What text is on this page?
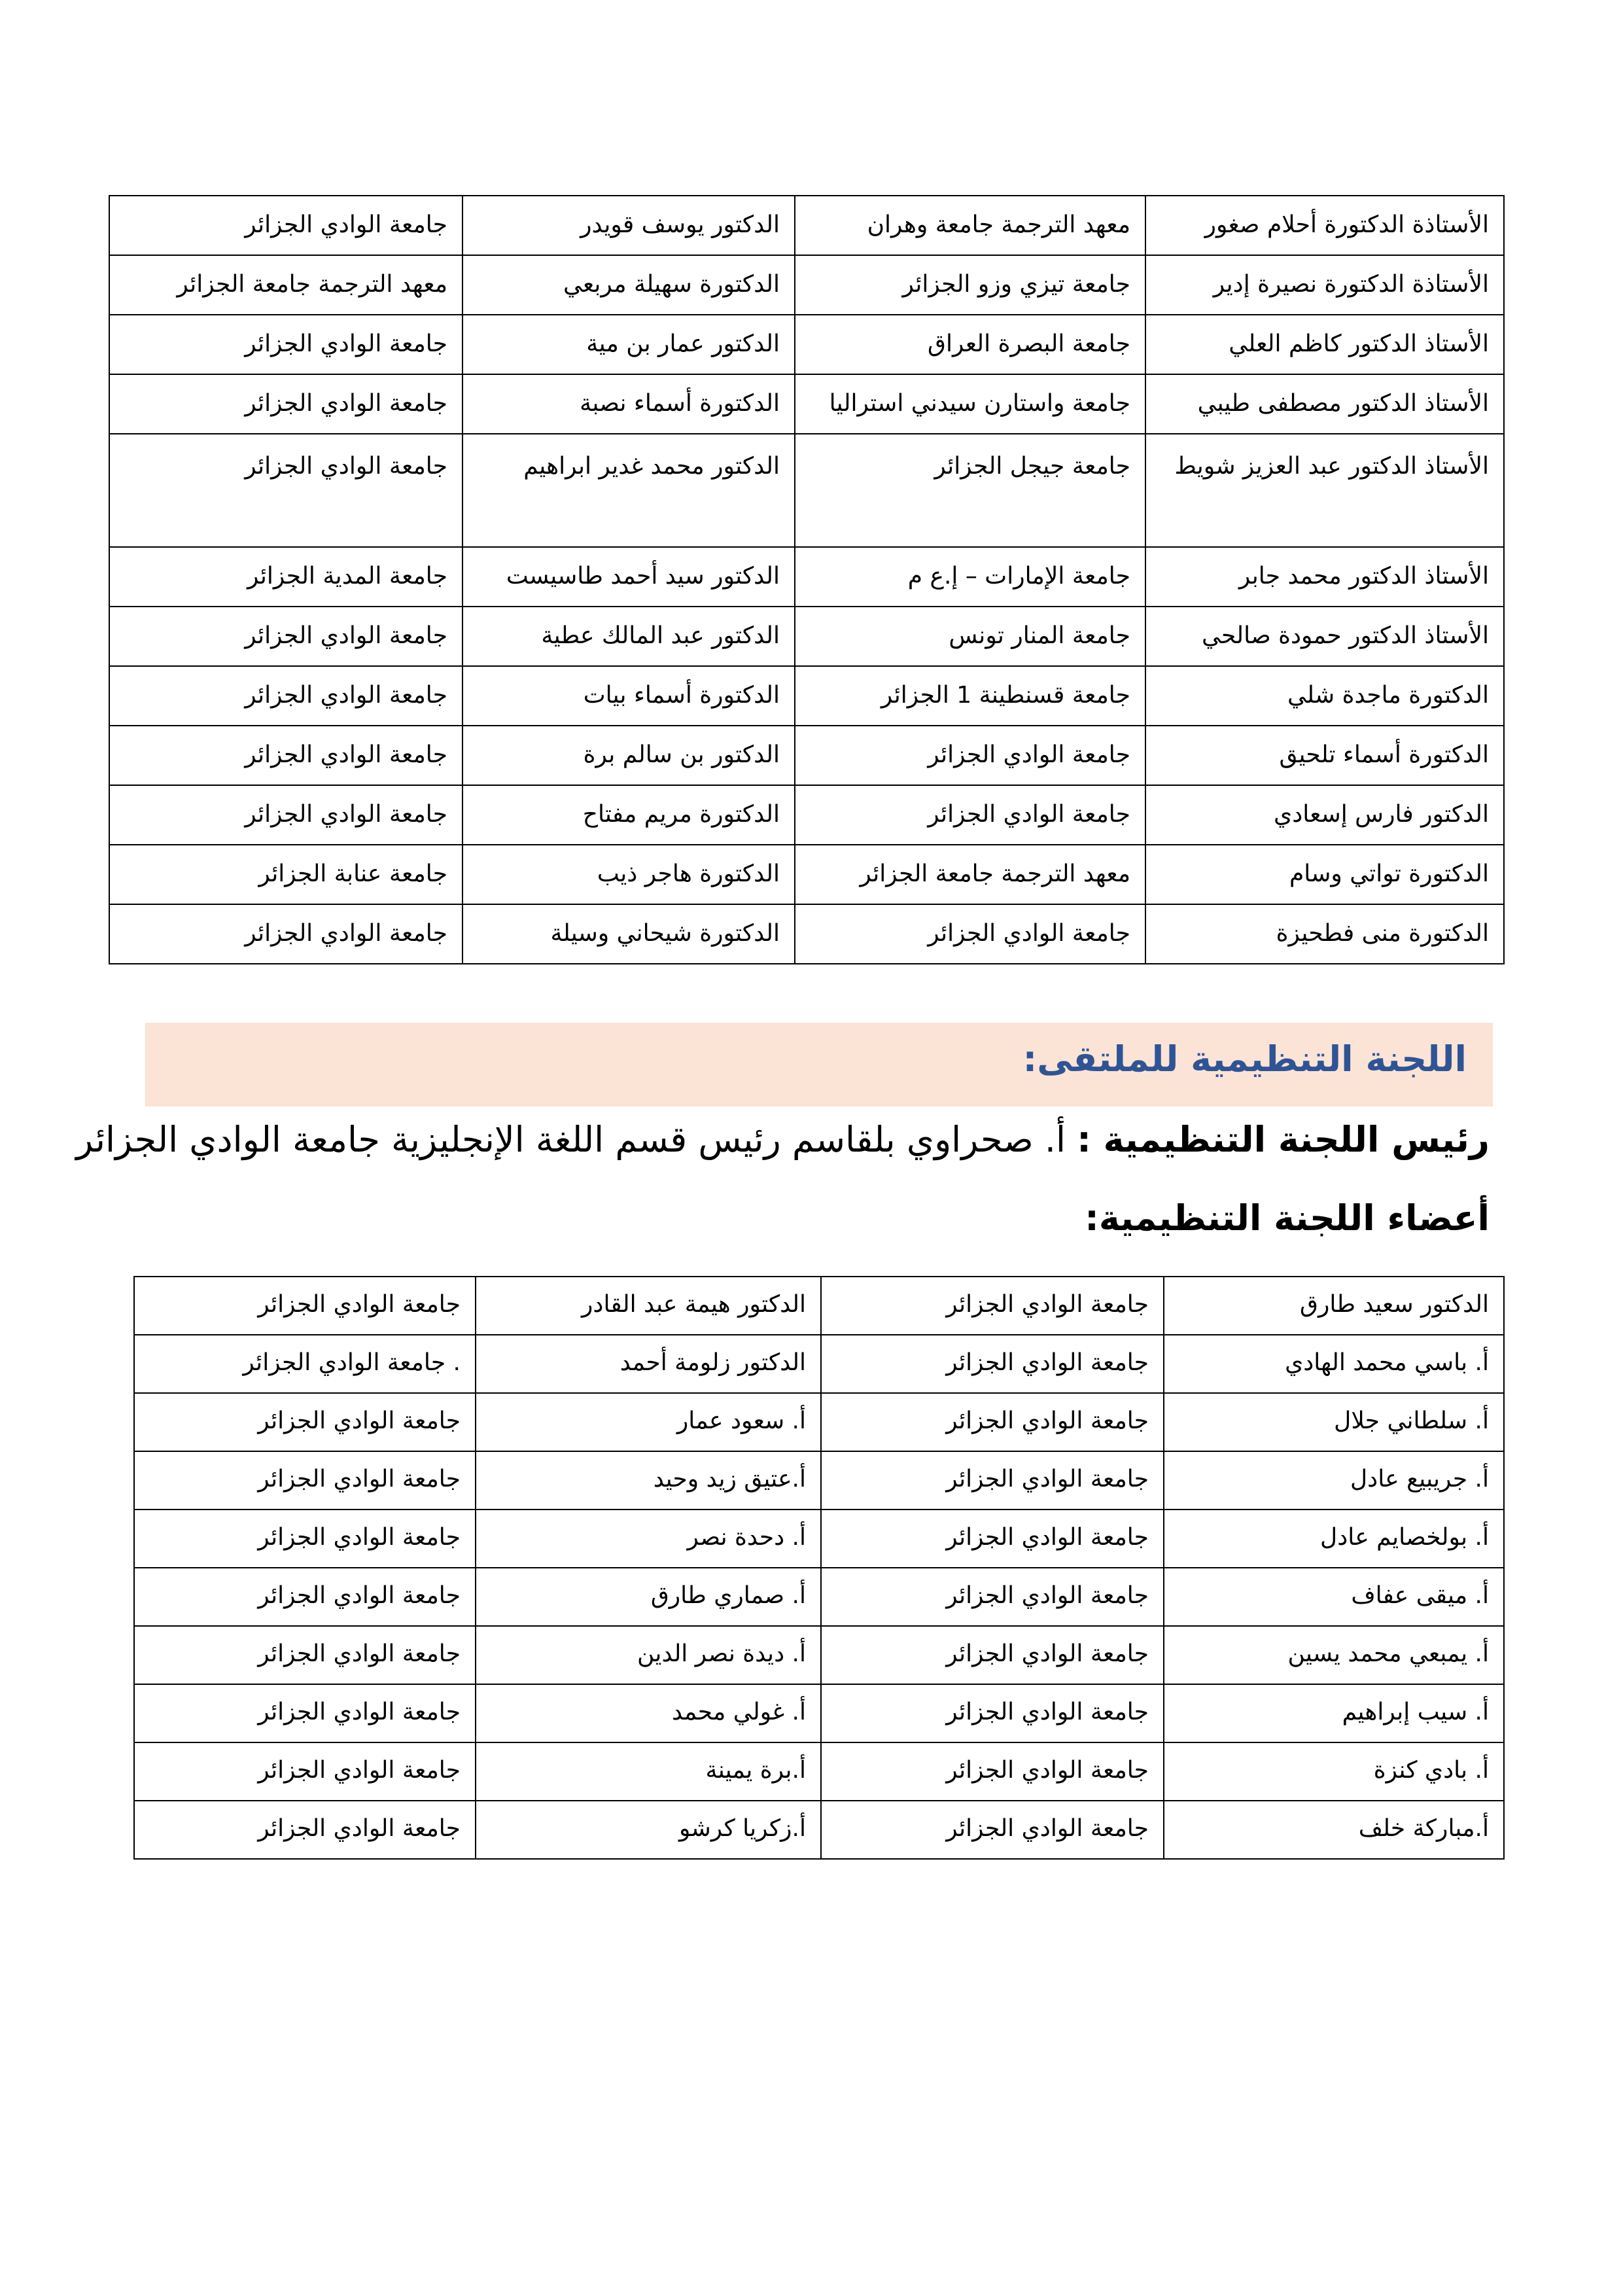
الأستاذة الدكتورة أحلام صغور	معهد الترجمة جامعة وهران	الدكتور يوسف قويدر	جامعة الوادي الجزائر
الأستاذة الدكتورة نصيرة إدير	جامعة تيزي وزو الجزائر	الدكتورة سهيلة مربعي	معهد الترجمة جامعة الجزائر
الأستاذ الدكتور كاظم العلي	جامعة البصرة العراق	الدكتور عمار بن مية	جامعة الوادي الجزائر
الأستاذ الدكتور مصطفى طيبي	جامعة واستارن سيدني استراليا	الدكتورة أسماء نصبة	جامعة الوادي الجزائر
الأستاذ الدكتور عبد العزيز شويط	جامعة جيجل الجزائر	الدكتور محمد غدير ابراهيم	جامعة الوادي الجزائر
الأستاذ الدكتور محمد جابر	جامعة الإمارات – إ.ع م	الدكتور سيد أحمد طاسيست	جامعة المدية الجزائر
الأستاذ الدكتور حمودة صالحي	جامعة المنار تونس	الدكتور عبد المالك عطية	جامعة الوادي الجزائر
الدكتورة ماجدة شلي	جامعة قسنطينة 1 الجزائر	الدكتورة أسماء بيات	جامعة الوادي الجزائر
الدكتورة أسماء تلحيق	جامعة الوادي الجزائر	الدكتور بن سالم برة	جامعة الوادي الجزائر
الدكتور فارس إسعادي	جامعة الوادي الجزائر	الدكتورة مريم مفتاح	جامعة الوادي الجزائر
الدكتورة تواتي وسام	معهد الترجمة جامعة الجزائر	الدكتورة هاجر ذيب	جامعة عنابة الجزائر
الدكتورة منى فطحيزة	جامعة الوادي الجزائر	الدكتورة شيحاني وسيلة	جامعة الوادي الجزائر
اللجنة التنظيمية للملتقى:
رئيس اللجنة التنظيمية : أ. صحراوي بلقاسم رئيس قسم اللغة الإنجليزية جامعة الوادي الجزائر
أعضاء اللجنة التنظيمية:
الدكتور سعيد طارق	جامعة الوادي الجزائر	الدكتور هيمة عبد القادر	جامعة الوادي الجزائر
أ. باسي محمد الهادي	جامعة الوادي الجزائر	الدكتور زلومة أحمد	. جامعة الوادي الجزائر
أ. سلطاني جلال	جامعة الوادي الجزائر	أ. سعود عمار	جامعة الوادي الجزائر
أ. جريبيع عادل	جامعة الوادي الجزائر	أ.عتيق زيد وحيد	جامعة الوادي الجزائر
أ. بولخصايم عادل	جامعة الوادي الجزائر	أ. دحدة نصر	جامعة الوادي الجزائر
أ. ميقى عفاف	جامعة الوادي الجزائر	أ. صماري طارق	جامعة الوادي الجزائر
أ. يمبعي محمد يسين	جامعة الوادي الجزائر	أ. ديدة نصر الدين	جامعة الوادي الجزائر
أ. سيب إبراهيم	جامعة الوادي الجزائر	أ. غولي محمد	جامعة الوادي الجزائر
أ. بادي كنزة	جامعة الوادي الجزائر	أ.برة يمينة	جامعة الوادي الجزائر
أ.مباركة خلف	جامعة الوادي الجزائر	أ.زكريا كرشو	جامعة الوادي الجزائر
